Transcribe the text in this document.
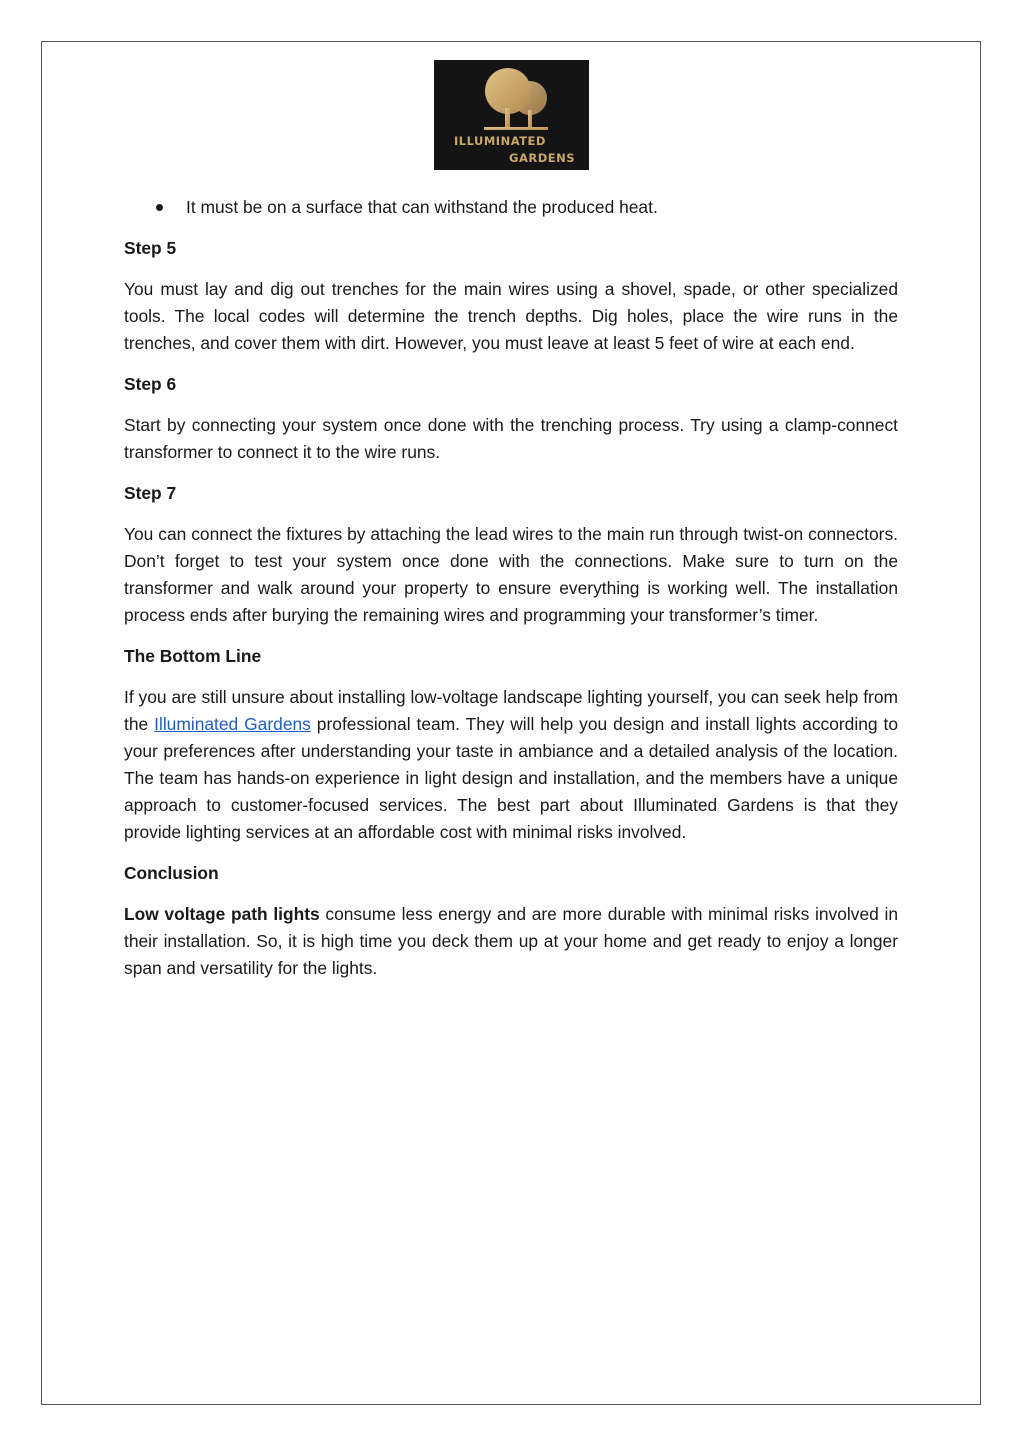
ILLUMINATED
GARDENS
It must be on a surface that can withstand the produced heat.

Step 5

You must lay and dig out trenches for the main wires using a shovel, spade, or other specialized tools. The local codes will determine the trench depths. Dig holes, place the wire runs in the trenches, and cover them with dirt. However, you must leave at least 5 feet of wire at each end.

Step 6

Start by connecting your system once done with the trenching process. Try using a clamp-connect transformer to connect it to the wire runs.

Step 7

You can connect the fixtures by attaching the lead wires to the main run through twist-on connectors. Don’t forget to test your system once done with the connections. Make sure to turn on the transformer and walk around your property to ensure everything is working well. The installation process ends after burying the remaining wires and programming your transformer’s timer.

The Bottom Line

If you are still unsure about installing low-voltage landscape lighting yourself, you can seek help from the Illuminated Gardens professional team. They will help you design and install lights according to your preferences after understanding your taste in ambiance and a detailed analysis of the location. The team has hands-on experience in light design and installation, and the members have a unique approach to customer-focused services. The best part about Illuminated Gardens is that they provide lighting services at an affordable cost with minimal risks involved.

Conclusion

Low voltage path lights consume less energy and are more durable with minimal risks involved in their installation. So, it is high time you deck them up at your home and get ready to enjoy a longer span and versatility for the lights.
